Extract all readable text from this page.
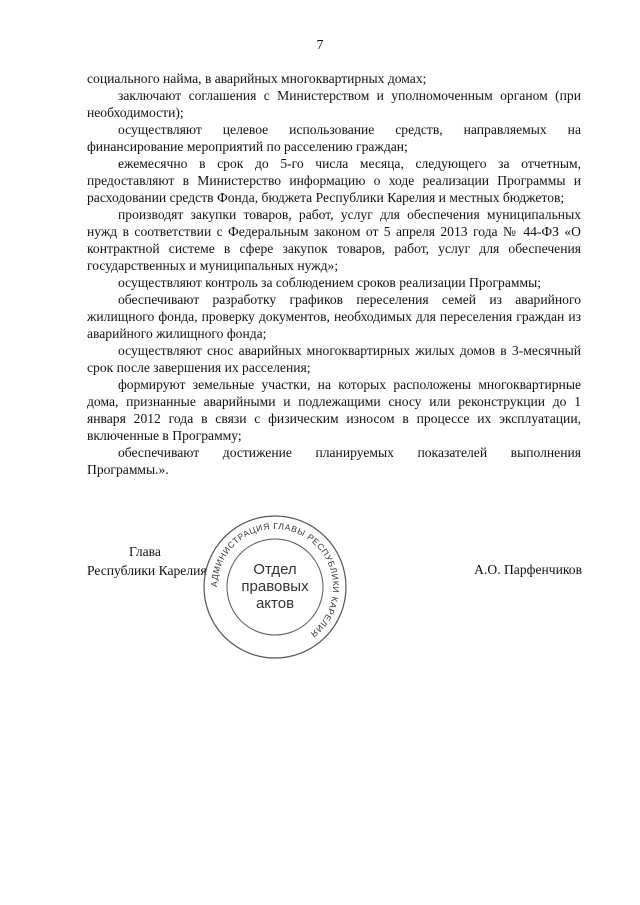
7

социального найма, в аварийных многоквартирных домах;

заключают соглашения с Министерством и уполномоченным органом (при необходимости);

осуществляют целевое использование средств, направляемых на финансирование мероприятий по расселению граждан;

ежемесячно в срок до 5-го числа месяца, следующего за отчетным, предоставляют в Министерство информацию о ходе реализации Программы и расходовании средств Фонда, бюджета Республики Карелия и местных бюджетов;

производят закупки товаров, работ, услуг для обеспечения муниципальных нужд в соответствии с Федеральным законом от 5 апреля 2013 года № 44-ФЗ «О контрактной системе в сфере закупок товаров, работ, услуг для обеспечения государственных и муниципальных нужд»;

осуществляют контроль за соблюдением сроков реализации Программы;

обеспечивают разработку графиков переселения семей из аварийного жилищного фонда, проверку документов, необходимых для переселения граждан из аварийного жилищного фонда;

осуществляют снос аварийных многоквартирных жилых домов в 3-месячный срок после завершения их расселения;

формируют земельные участки, на которых расположены многоквартирные дома, признанные аварийными и подлежащими сносу или реконструкции до 1 января 2012 года в связи с физическим износом в процессе их эксплуатации, включенные в Программу;

обеспечивают достижение планируемых показателей выполнения Программы.».

Глава
Республики Карелия	А.О. Парфенчиков
АДМИНИСТРАЦИЯ ГЛАВЫ РЕСПУБЛИКИ КАРЕЛИЯ
Отдел
правовых
актов
